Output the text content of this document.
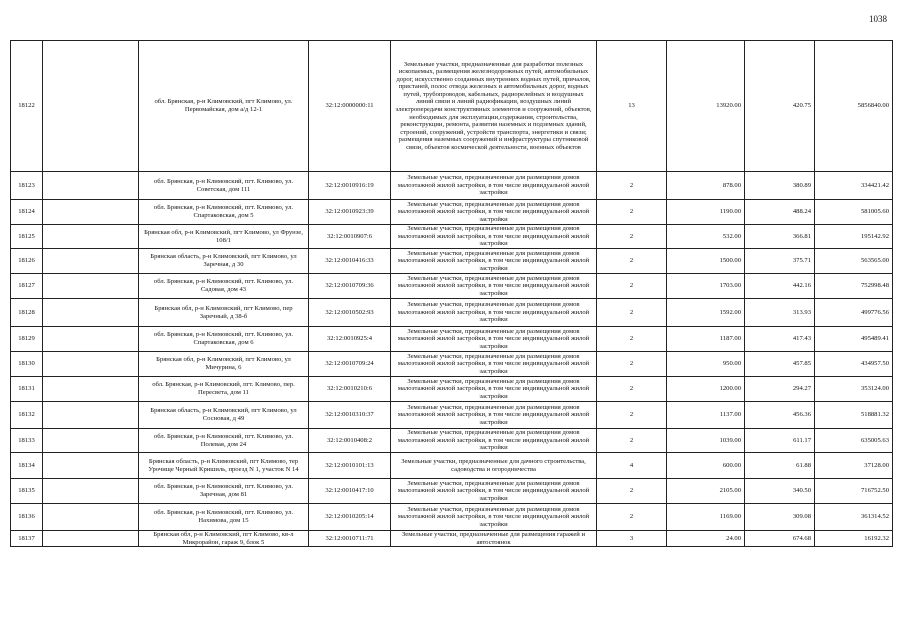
1038
18122		обл. Брянская, р-н Климовский, пгт Климово, ул. Первомайская, дом а/д 12-1	32:12:0000000:11	Земельные участки, предназначенные для разработки полезных ископаемых, размещения железнодорожных путей, автомобильных дорог, искусственно созданных внутренних водных путей, причалов, пристаней, полос отвода железных и автомобильных дорог, водных путей, трубопроводов, кабельных, радиорелейных и воздушных линий связи и линий радиофикации, воздушных линий электропередачи конструктивных элементов и сооружений, объектов, необходимых для эксплуатации,содержания, строительства, реконструкции, ремонта, развития наземных и подземных зданий, строений, сооружений, устройств транспорта, энергетики и связи; размещения наземных сооружений и инфраструктуры спутниковой связи, объектов космической деятельности, военных объектов	13	13920.00	420.75	5856840.00
18123		обл. Брянская, р-н Климовский, пгт. Климово, ул. Советская, дом 111	32:12:0010916:19	Земельные участки, предназначенные для размещения домов малоэтажной жилой застройки, в том числе индивидуальной жилой застройки	2	878.00	380.89	334421.42
18124		обл. Брянская, р-н Климовский, пгт. Климово, ул. Спартаковская, дом 5	32:12:0010923:39	Земельные участки, предназначенные для размещения домов малоэтажной жилой застройки, в том числе индивидуальной жилой застройки	2	1190.00	488.24	581005.60
18125		Брянская обл, р-н Климовский, пгт Климово, ул Фрунзе, 108/1	32:12:0010907:6	Земельные участки, предназначенные для размещения домов малоэтажной жилой застройки, в том числе индивидуальной жилой застройки	2	532.00	366.81	195142.92
18126		Брянская область, р-н Климовский, пгт Климово, ул Заречная, д 30	32:12:0010416:33	Земельные участки, предназначенные для размещения домов малоэтажной жилой застройки, в том числе индивидуальной жилой застройки	2	1500.00	375.71	563565.00
18127		обл. Брянская, р-н Климовский, пгт. Климово, ул. Садовая, дом 43	32:12:0010709:36	Земельные участки, предназначенные для размещения домов малоэтажной жилой застройки, в том числе индивидуальной жилой застройки	2	1703.00	442.16	752998.48
18128		Брянская обл, р-н Климовский, пгт Климово, пер Заречный, д 38-б	32:12:0010502:93	Земельные участки, предназначенные для размещения домов малоэтажной жилой застройки, в том числе индивидуальной жилой застройки	2	1592.00	313.93	499776.56
18129		обл. Брянская, р-н Климовский, пгт. Климово, ул. Спартаковская, дом 6	32:12:0010925:4	Земельные участки, предназначенные для размещения домов малоэтажной жилой застройки, в том числе индивидуальной жилой застройки	2	1187.00	417.43	495489.41
18130		Брянская обл, р-н Климовский, пгт Климово, ул Мичурина, 6	32:12:0010709:24	Земельные участки, предназначенные для размещения домов малоэтажной жилой застройки, в том числе индивидуальной жилой застройки	2	950.00	457.85	434957.50
18131		обл. Брянская, р-н Климовский, пгт. Климово, пер. Пересвета, дом 11	32:12:0010210:6	Земельные участки, предназначенные для размещения домов малоэтажной жилой застройки, в том числе индивидуальной жилой застройки	2	1200.00	294.27	353124.00
18132		Брянская область, р-н Климовский, пгт Климово, ул Сосновая, д 49	32:12:0010310:37	Земельные участки, предназначенные для размещения домов малоэтажной жилой застройки, в том числе индивидуальной жилой застройки	2	1137.00	456.36	518881.32
18133		обл. Брянская, р-н Климовский, пгт. Климово, ул. Полевая, дом 24	32:12:0010408:2	Земельные участки, предназначенные для размещения домов малоэтажной жилой застройки, в том числе индивидуальной жилой застройки	2	1039.00	611.17	635005.63
18134		Брянская область, р-н Климовский, пгт Климово, тер Урочище Черный Кришиль, проезд N 1, участок N 14	32:12:0010101:13	Земельные участки, предназначенные для дачного строительства, садоводства и огородничества	4	600.00	61.88	37128.00
18135		обл. Брянская, р-н Климовский, пгт. Климово, ул. Заречная, дом 81	32:12:0010417:10	Земельные участки, предназначенные для размещения домов малоэтажной жилой застройки, в том числе индивидуальной жилой застройки	2	2105.00	340.50	716752.50
18136		обл. Брянская, р-н Климовский, пгт. Климово, ул. Нахимова, дом 15	32:12:0010205:14	Земельные участки, предназначенные для размещения домов малоэтажной жилой застройки, в том числе индивидуальной жилой застройки	2	1169.00	309.08	361314.52
18137		Брянская обл, р-н Климовский, пгт Климово, кв-л Микрорайон, гараж 9, блок 5	32:12:0010711:71	Земельные участки, предназначенные для размещения гаражей и автостоянок	3	24.00	674.68	16192.32
